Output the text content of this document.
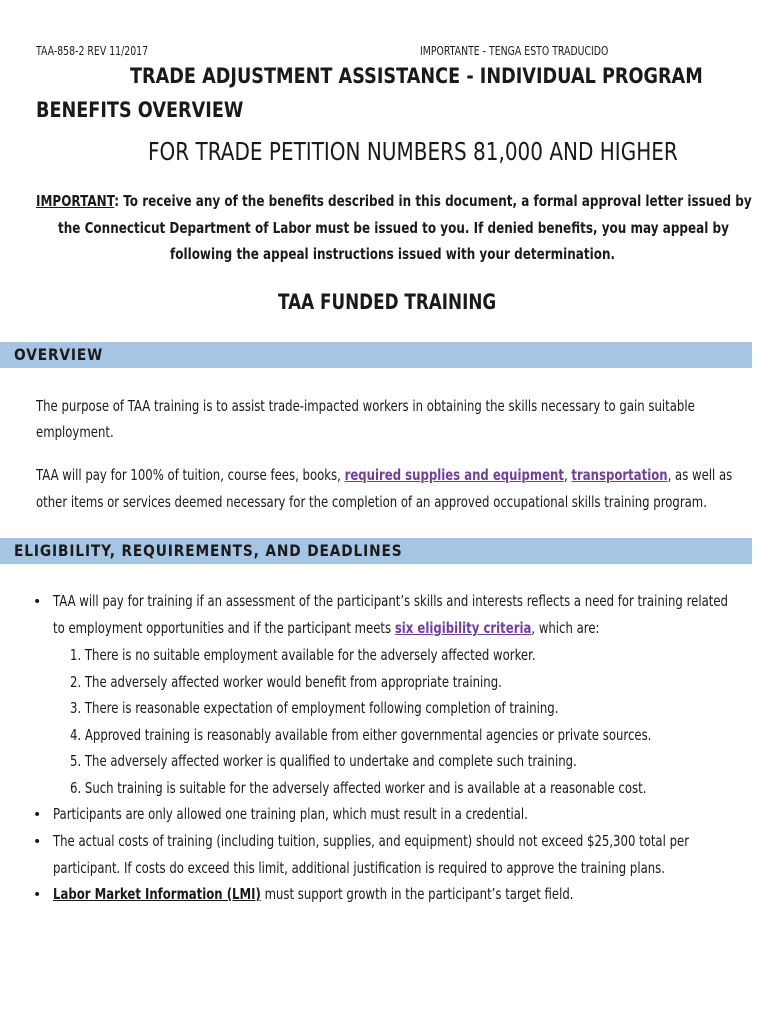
TAA-858-2 REV 11/2017	IMPORTANTE - TENGA ESTO TRADUCIDO
TRADE ADJUSTMENT ASSISTANCE - INDIVIDUAL PROGRAM
BENEFITS OVERVIEW
FOR TRADE PETITION NUMBERS 81,000 AND HIGHER
IMPORTANT: To receive any of the benefits described in this document, a formal approval letter issued by
the Connecticut Department of Labor must be issued to you. If denied benefits, you may appeal by
following the appeal instructions issued with your determination.
TAA FUNDED TRAINING
OVERVIEW
The purpose of TAA training is to assist trade-impacted workers in obtaining the skills necessary to gain suitable
employment.
TAA will pay for 100% of tuition, course fees, books, required supplies and equipment, transportation, as well as
other items or services deemed necessary for the completion of an approved occupational skills training program.
ELIGIBILITY, REQUIREMENTS, AND DEADLINES
• TAA will pay for training if an assessment of the participant’s skills and interests reflects a need for training related
to employment opportunities and if the participant meets six eligibility criteria, which are:
1. There is no suitable employment available for the adversely affected worker.
2. The adversely affected worker would benefit from appropriate training.
3. There is reasonable expectation of employment following completion of training.
4. Approved training is reasonably available from either governmental agencies or private sources.
5. The adversely affected worker is qualified to undertake and complete such training.
6. Such training is suitable for the adversely affected worker and is available at a reasonable cost.
• Participants are only allowed one training plan, which must result in a credential.
• The actual costs of training (including tuition, supplies, and equipment) should not exceed $25,300 total per
participant. If costs do exceed this limit, additional justification is required to approve the training plans.
• Labor Market Information (LMI) must support growth in the participant’s target field.
